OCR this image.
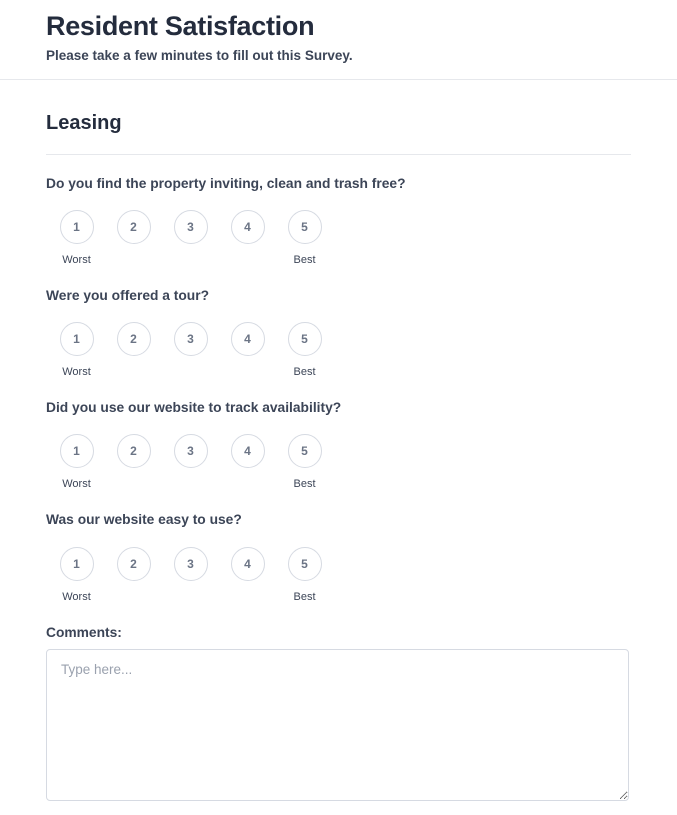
Resident Satisfaction

Please take a few minutes to fill out this Survey.

Leasing

Do you find the property inviting, clean and trash free?

1
Worst
2	3	4	5
Best

Were you offered a tour?

1
Worst
2	3	4	5
Best

Did you use our website to track availability?

1
Worst
2	3	4	5
Best

Was our website easy to use?

1
Worst
2	3	4	5
Best

Comments:

Type here...
